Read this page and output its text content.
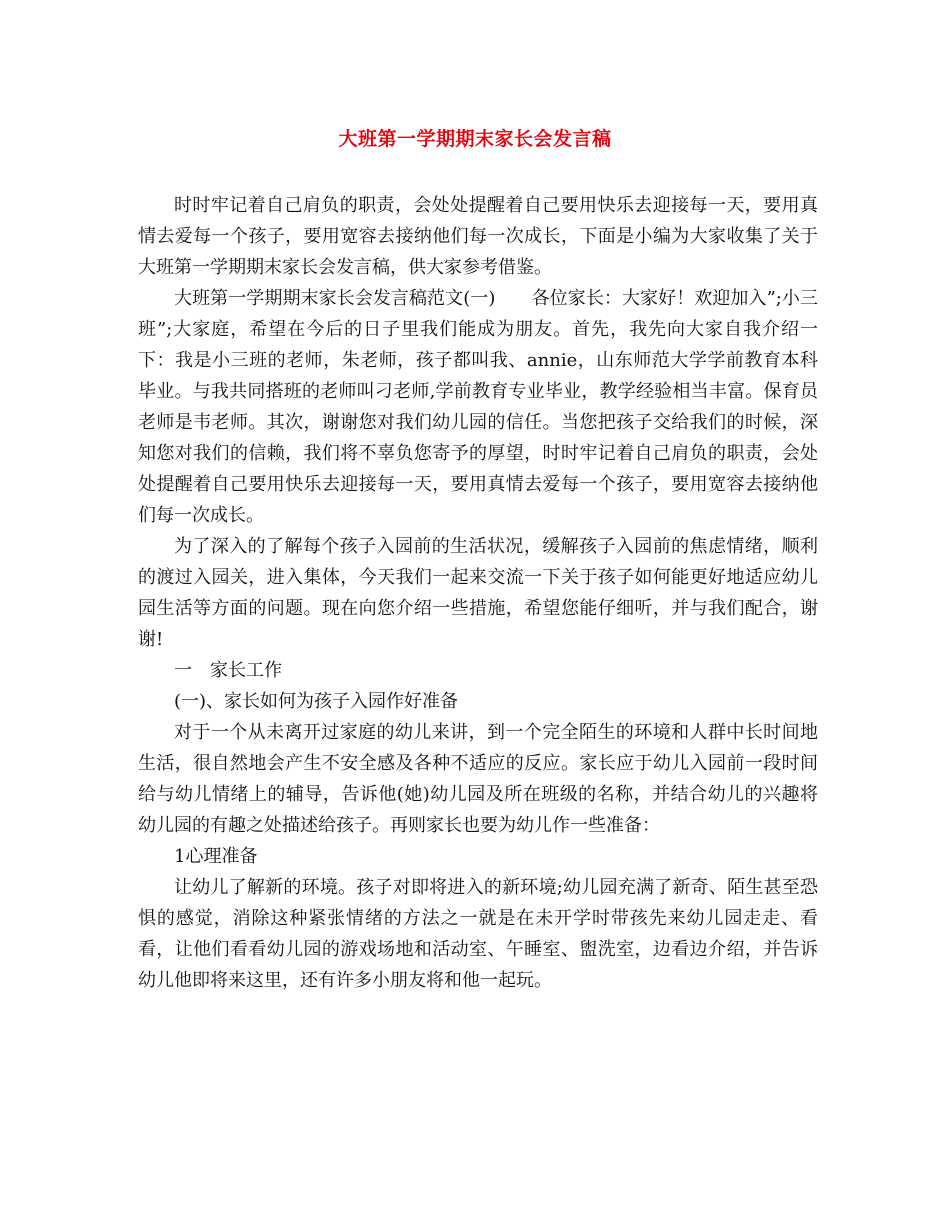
大班第一学期期末家长会发言稿

时时牢记着自己肩负的职责，会处处提醒着自己要用快乐去迎接每一天，要用真情去爱每一个孩子，要用宽容去接纳他们每一次成长，下面是小编为大家收集了关于大班第一学期期末家长会发言稿，供大家参考借鉴。

大班第一学期期末家长会发言稿范文(一)　　各位家长：大家好！欢迎加入”;小三班”;大家庭，希望在今后的日子里我们能成为朋友。首先，我先向大家自我介绍一下：我是小三班的老师，朱老师，孩子都叫我、annie，山东师范大学学前教育本科毕业。与我共同搭班的老师叫刁老师,学前教育专业毕业，教学经验相当丰富。保育员老师是韦老师。其次，谢谢您对我们幼儿园的信任。当您把孩子交给我们的时候，深知您对我们的信赖，我们将不辜负您寄予的厚望，时时牢记着自己肩负的职责，会处处提醒着自己要用快乐去迎接每一天，要用真情去爱每一个孩子，要用宽容去接纳他们每一次成长。

为了深入的了解每个孩子入园前的生活状况，缓解孩子入园前的焦虑情绪，顺利的渡过入园关，进入集体，今天我们一起来交流一下关于孩子如何能更好地适应幼儿园生活等方面的问题。现在向您介绍一些措施，希望您能仔细听，并与我们配合，谢谢!

一　家长工作

(一)、家长如何为孩子入园作好准备

对于一个从未离开过家庭的幼儿来讲，到一个完全陌生的环境和人群中长时间地生活，很自然地会产生不安全感及各种不适应的反应。家长应于幼儿入园前一段时间给与幼儿情绪上的辅导，告诉他(她)幼儿园及所在班级的名称，并结合幼儿的兴趣将幼儿园的有趣之处描述给孩子。再则家长也要为幼儿作一些准备：

1心理准备

让幼儿了解新的环境。孩子对即将进入的新环境;幼儿园充满了新奇、陌生甚至恐惧的感觉，消除这种紧张情绪的方法之一就是在未开学时带孩先来幼儿园走走、看看，让他们看看幼儿园的游戏场地和活动室、午睡室、盥洗室，边看边介绍，并告诉幼儿他即将来这里，还有许多小朋友将和他一起玩。
